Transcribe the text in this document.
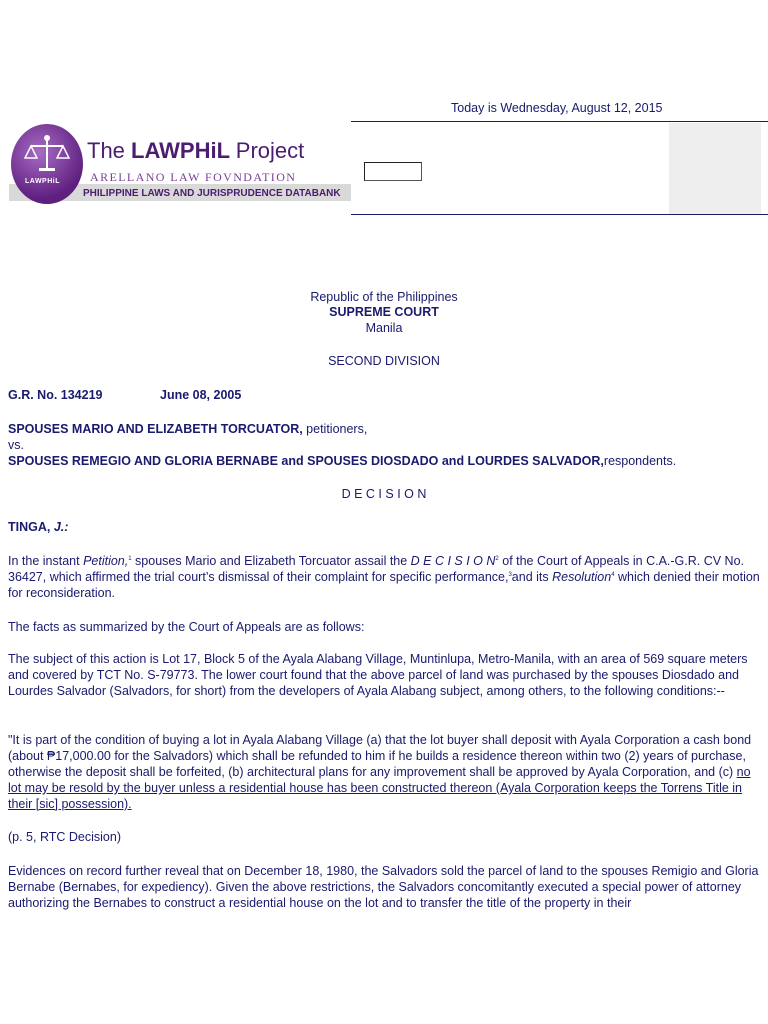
Today is Wednesday, August 12, 2015
LAWPHiL
The LAWPHiL Project
ARELLANO LAW FOVNDATION
PHILIPPINE LAWS AND JURISPRUDENCE DATABANK
Republic of the Philippines
SUPREME COURT
Manila
SECOND DIVISION
G.R. No. 134219	June 08, 2005

SPOUSES MARIO AND ELIZABETH TORCUATOR, petitioners,

vs.

SPOUSES REMEGIO AND GLORIA BERNABE and SPOUSES DIOSDADO and LOURDES SALVADOR,respondents.

D E C I S I O N

TINGA, J.:

In the instant Petition,$^1$ spouses Mario and Elizabeth Torcuator assail the D E C I S I O $N^2$ of the Court of Appeals in C.A.-G.R. CV No. 36427, which affirmed the trial court’s dismissal of their complaint for specific performance,$^3$and its Resolution$^4$ which denied their motion for reconsideration.

The facts as summarized by the Court of Appeals are as follows:

The subject of this action is Lot 17, Block 5 of the Ayala Alabang Village, Muntinlupa, Metro-Manila, with an area of 569 square meters and covered by TCT No. S-79773. The lower court found that the above parcel of land was purchased by the spouses Diosdado and Lourdes Salvador (Salvadors, for short) from the developers of Ayala Alabang subject, among others, to the following conditions:--

"It is part of the condition of buying a lot in Ayala Alabang Village (a) that the lot buyer shall deposit with Ayala Corporation a cash bond (about ₱17,000.00 for the Salvadors) which shall be refunded to him if he builds a residence thereon within two (2) years of purchase, otherwise the deposit shall be forfeited, (b) architectural plans for any improvement shall be approved by Ayala Corporation, and (c) no lot may be resold by the buyer unless a residential house has been constructed thereon (Ayala Corporation keeps the Torrens Title in their [sic] possession).

(p. 5, RTC Decision)

Evidences on record further reveal that on December 18, 1980, the Salvadors sold the parcel of land to the spouses Remigio and Gloria Bernabe (Bernabes, for expediency). Given the above restrictions, the Salvadors concomitantly executed a special power of attorney authorizing the Bernabes to construct a residential house on the lot and to transfer the title of the property in their
